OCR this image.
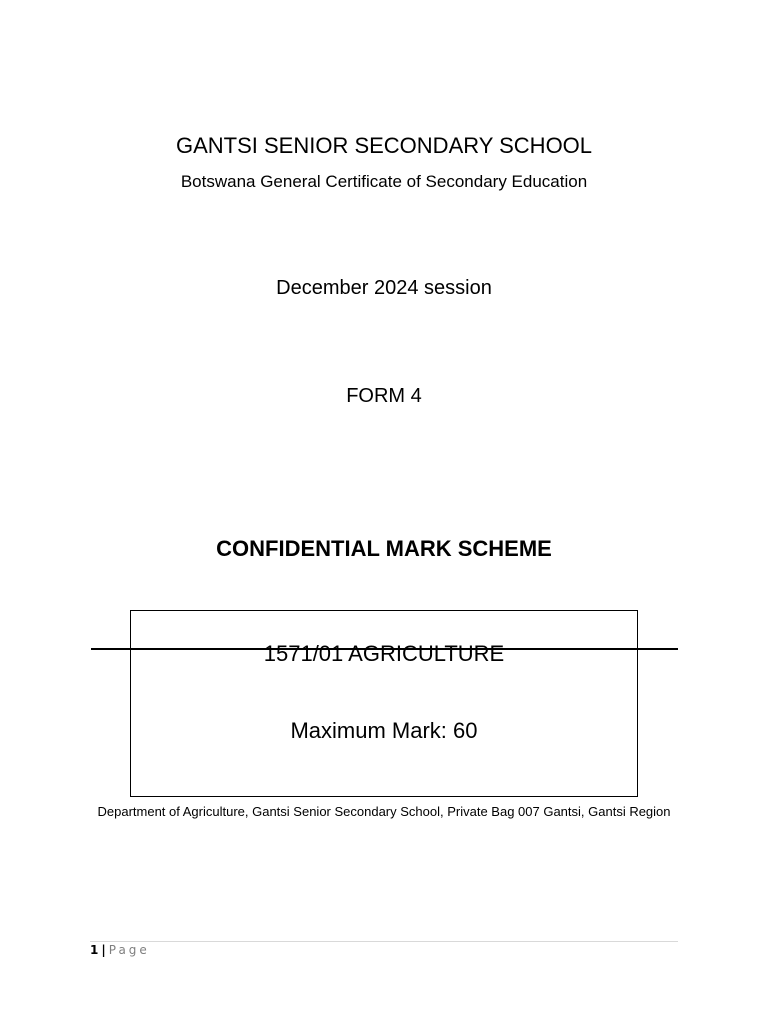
GANTSI SENIOR SECONDARY SCHOOL
Botswana General Certificate of Secondary Education
December 2024 session
FORM 4
CONFIDENTIAL MARK SCHEME
1571/01 AGRICULTURE
Maximum Mark: 60
Department of Agriculture, Gantsi Senior Secondary School, Private Bag 007 Gantsi, Gantsi Region
1 | Page
